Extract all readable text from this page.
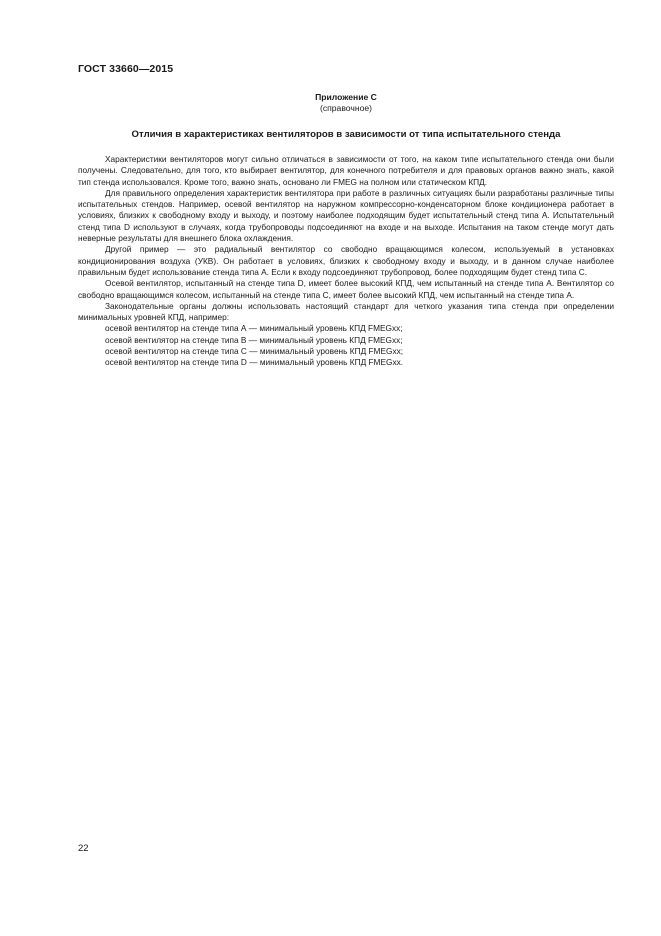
ГОСТ 33660—2015
Приложение С
(справочное)
Отличия в характеристиках вентиляторов в зависимости от типа испытательного стенда

Характеристики вентиляторов могут сильно отличаться в зависимости от того, на каком типе испытательного стенда они были получены. Следовательно, для того, кто выбирает вентилятор, для конечного потребителя и для правовых органов важно знать, какой тип стенда использовался. Кроме того, важно знать, основано ли FMEG на полном или статическом КПД.

Для правильного определения характеристик вентилятора при работе в различных ситуациях были разработаны различные типы испытательных стендов. Например, осевой вентилятор на наружном компрессорно-конденсаторном блоке кондиционера работает в условиях, близких к свободному входу и выходу, и поэтому наиболее подходящим будет испытательный стенд типа А. Испытательный стенд типа D используют в случаях, когда трубопроводы подсоединяют на входе и на выходе. Испытания на таком стенде могут дать неверные результаты для внешнего блока охлаждения.

Другой пример — это радиальный вентилятор со свободно вращающимся колесом, используемый в установках кондиционирования воздуха (УКВ). Он работает в условиях, близких к свободному входу и выходу, и в данном случае наиболее правильным будет использование стенда типа А. Если к входу подсоединяют трубопровод, более подходящим будет стенд типа С.

Осевой вентилятор, испытанный на стенде типа D, имеет более высокий КПД, чем испытанный на стенде типа А. Вентилятор со свободно вращающимся колесом, испытанный на стенде типа С, имеет более высокий КПД, чем испытанный на стенде типа А.

Законодательные органы должны использовать настоящий стандарт для четкого указания типа стенда при определении минимальных уровней КПД, например:

осевой вентилятор на стенде типа А — минимальный уровень КПД FMEGxx;

осевой вентилятор на стенде типа В — минимальный уровень КПД FMEGxx;

осевой вентилятор на стенде типа С — минимальный уровень КПД FMEGxx;

осевой вентилятор на стенде типа D — минимальный уровень КПД FMEGxx.

22
